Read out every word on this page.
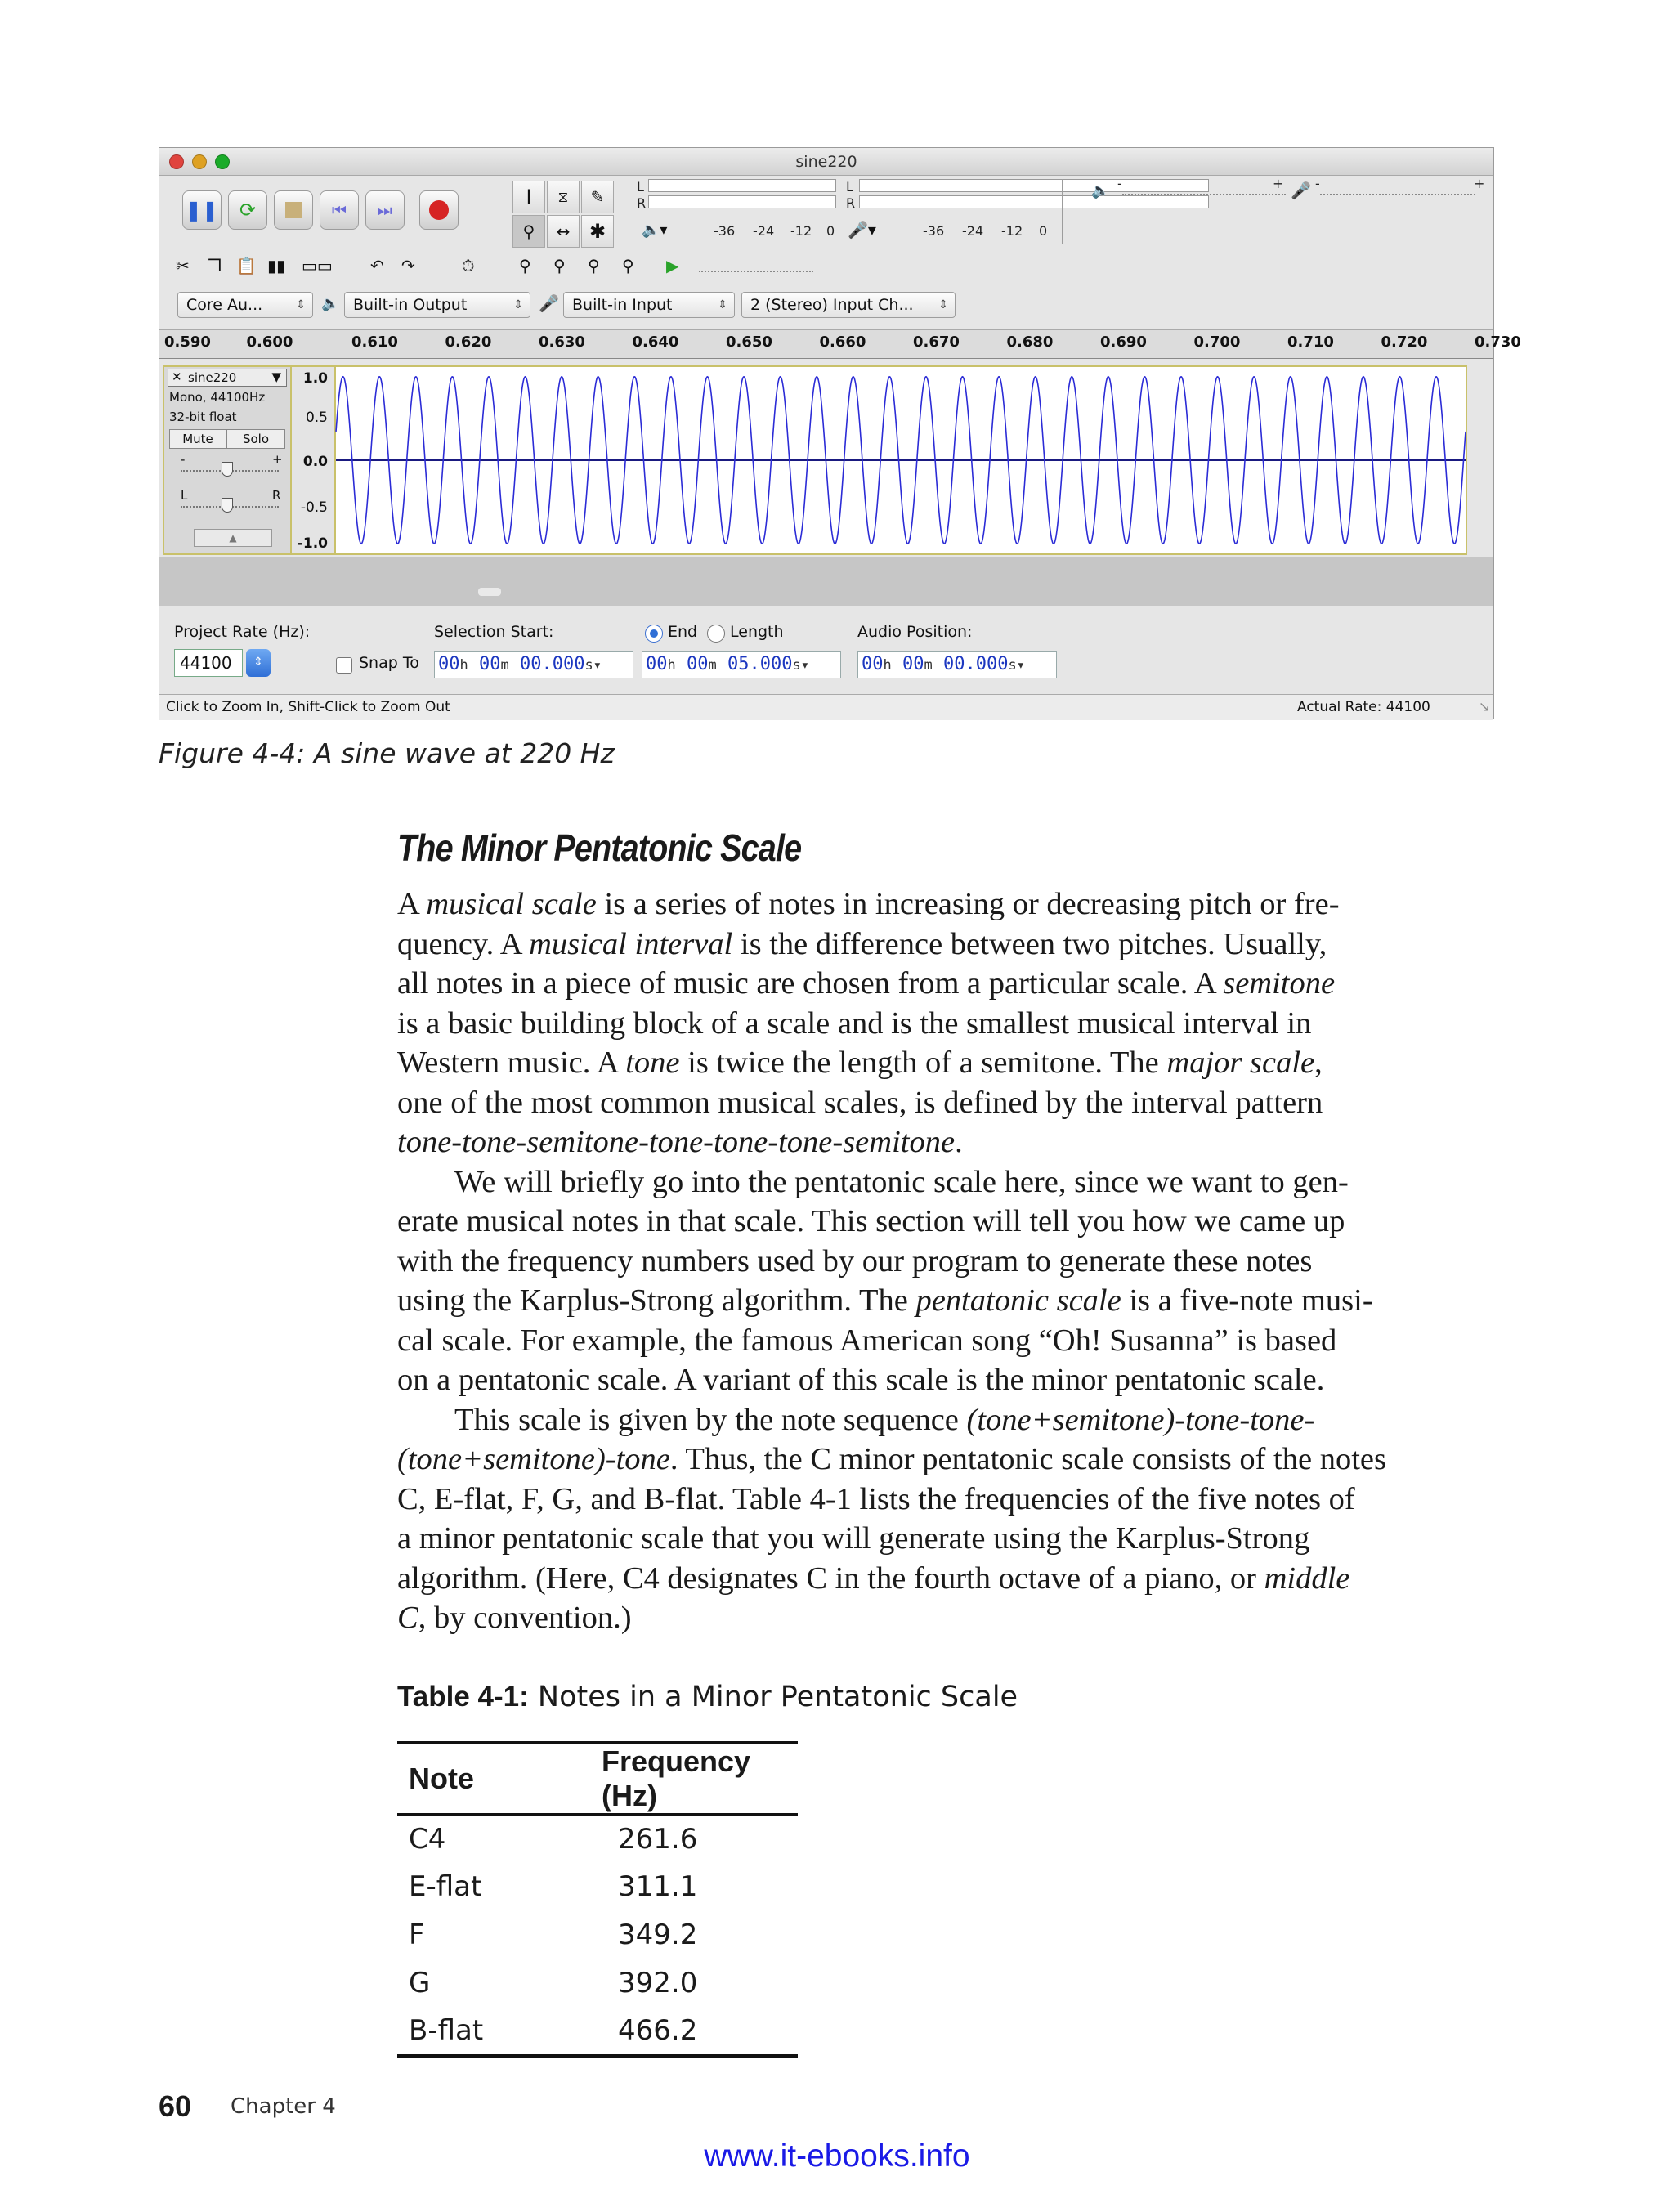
sine220
❚❚	⟳	⏮	⏭
I ⧖ ✎
⚲ ↔ ✱
L
R
L
R
🔈▾	-36 -24 -12 0 🎤▾	-36 -24 -12 0
🔈 -	+ 🎤 -	+
✂ ❐ 📋 ▮▮ ▭▭ ↶ ↷	⏱	⚲ ⚲ ⚲ ⚲ ▶
Core Au...	⇕ 🔈 Built-in Output	⇕ 🎤 Built-in Input	⇕	2 (Stereo) Input Ch... ⇕
0.590 0.600	0.610	0.620	0.630	0.640	0.650	0.660	0.670	0.680	0.690	0.700	0.710	0.720	0.730
✕ sine220	▼
Mono, 44100Hz
32-bit float
Mute	Solo
-	+
L	R
▲
1.0
0.5
0.0
-0.5
-1.0
Project Rate (Hz):
44100	⇕	Snap To
Selection Start:	End Length	Audio Position:
00h 00m 00.000s▾	00h 00m 05.000s▾	00h 00m 00.000s▾
Click to Zoom In, Shift-Click to Zoom Out	Actual Rate: 44100	↘
Figure 4-4: A sine wave at 220 Hz
The Minor Pentatonic Scale
A musical scale is a series of notes in increasing or decreasing pitch or fre-
quency. A musical interval is the difference between two pitches. Usually,
all notes in a piece of music are chosen from a particular scale. A semitone
is a basic building block of a scale and is the smallest musical interval in
Western music. A tone is twice the length of a semitone. The major scale,
one of the most common musical scales, is defined by the interval pattern
tone-tone-semitone-tone-tone-tone-semitone.
We will briefly go into the pentatonic scale here, since we want to gen-
erate musical notes in that scale. This section will tell you how we came up
with the frequency numbers used by our program to generate these notes
using the Karplus-Strong algorithm. The pentatonic scale is a five-note musi-
cal scale. For example, the famous American song “Oh! Susanna” is based
on a pentatonic scale. A variant of this scale is the minor pentatonic scale.
This scale is given by the note sequence (tone+semitone)-tone-tone-
(tone+semitone)-tone. Thus, the C minor pentatonic scale consists of the notes
C, E-flat, F, G, and B-flat. Table 4-1 lists the frequencies of the five notes of
a minor pentatonic scale that you will generate using the Karplus-Strong
algorithm. (Here, C4 designates C in the fourth octave of a piano, or middle
C, by convention.)
Table 4-1: Notes in a Minor Pentatonic Scale
Note	Frequency (Hz)
C4	261.6
E-flat	311.1
F	349.2
G	392.0
B-flat	466.2
60 Chapter 4
www.it-ebooks.info
